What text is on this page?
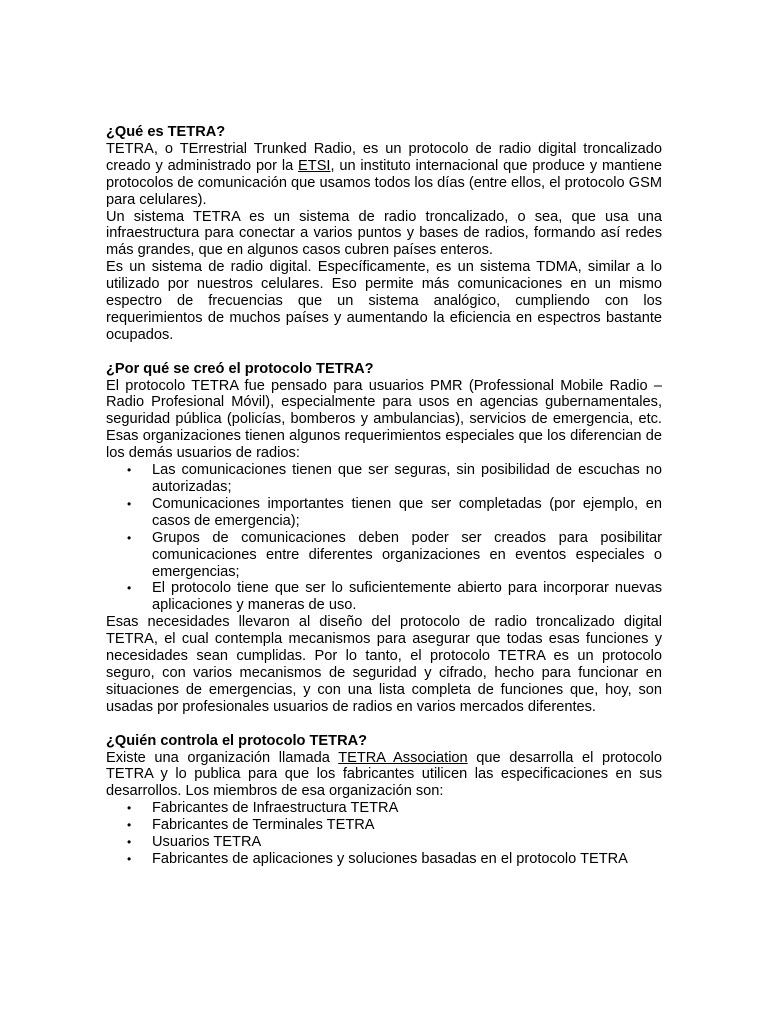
¿Qué es TETRA?

TETRA, o TErrestrial Trunked Radio, es un protocolo de radio digital troncalizado creado y administrado por la ETSI, un instituto internacional que produce y mantiene protocolos de comunicación que usamos todos los días (entre ellos, el protocolo GSM para celulares).

Un sistema TETRA es un sistema de radio troncalizado, o sea, que usa una infraestructura para conectar a varios puntos y bases de radios, formando así redes más grandes, que en algunos casos cubren países enteros.

Es un sistema de radio digital. Específicamente, es un sistema TDMA, similar a lo utilizado por nuestros celulares. Eso permite más comunicaciones en un mismo espectro de frecuencias que un sistema analógico, cumpliendo con los requerimientos de muchos países y aumentando la eficiencia en espectros bastante ocupados.

¿Por qué se creó el protocolo TETRA?

El protocolo TETRA fue pensado para usuarios PMR (Professional Mobile Radio – Radio Profesional Móvil), especialmente para usos en agencias gubernamentales, seguridad pública (policías, bomberos y ambulancias), servicios de emergencia, etc. Esas organizaciones tienen algunos requerimientos especiales que los diferencian de los demás usuarios de radios:

• Las comunicaciones tienen que ser seguras, sin posibilidad de escuchas no autorizadas;
• Comunicaciones importantes tienen que ser completadas (por ejemplo, en casos de emergencia);
• Grupos de comunicaciones deben poder ser creados para posibilitar comunicaciones entre diferentes organizaciones en eventos especiales o emergencias;
• El protocolo tiene que ser lo suficientemente abierto para incorporar nuevas aplicaciones y maneras de uso.

Esas necesidades llevaron al diseño del protocolo de radio troncalizado digital TETRA, el cual contempla mecanismos para asegurar que todas esas funciones y necesidades sean cumplidas. Por lo tanto, el protocolo TETRA es un protocolo seguro, con varios mecanismos de seguridad y cifrado, hecho para funcionar en situaciones de emergencias, y con una lista completa de funciones que, hoy, son usadas por profesionales usuarios de radios en varios mercados diferentes.

¿Quién controla el protocolo TETRA?

Existe una organización llamada TETRA Association que desarrolla el protocolo TETRA y lo publica para que los fabricantes utilicen las especificaciones en sus desarrollos. Los miembros de esa organización son:

• Fabricantes de Infraestructura TETRA
• Fabricantes de Terminales TETRA
• Usuarios TETRA
• Fabricantes de aplicaciones y soluciones basadas en el protocolo TETRA
